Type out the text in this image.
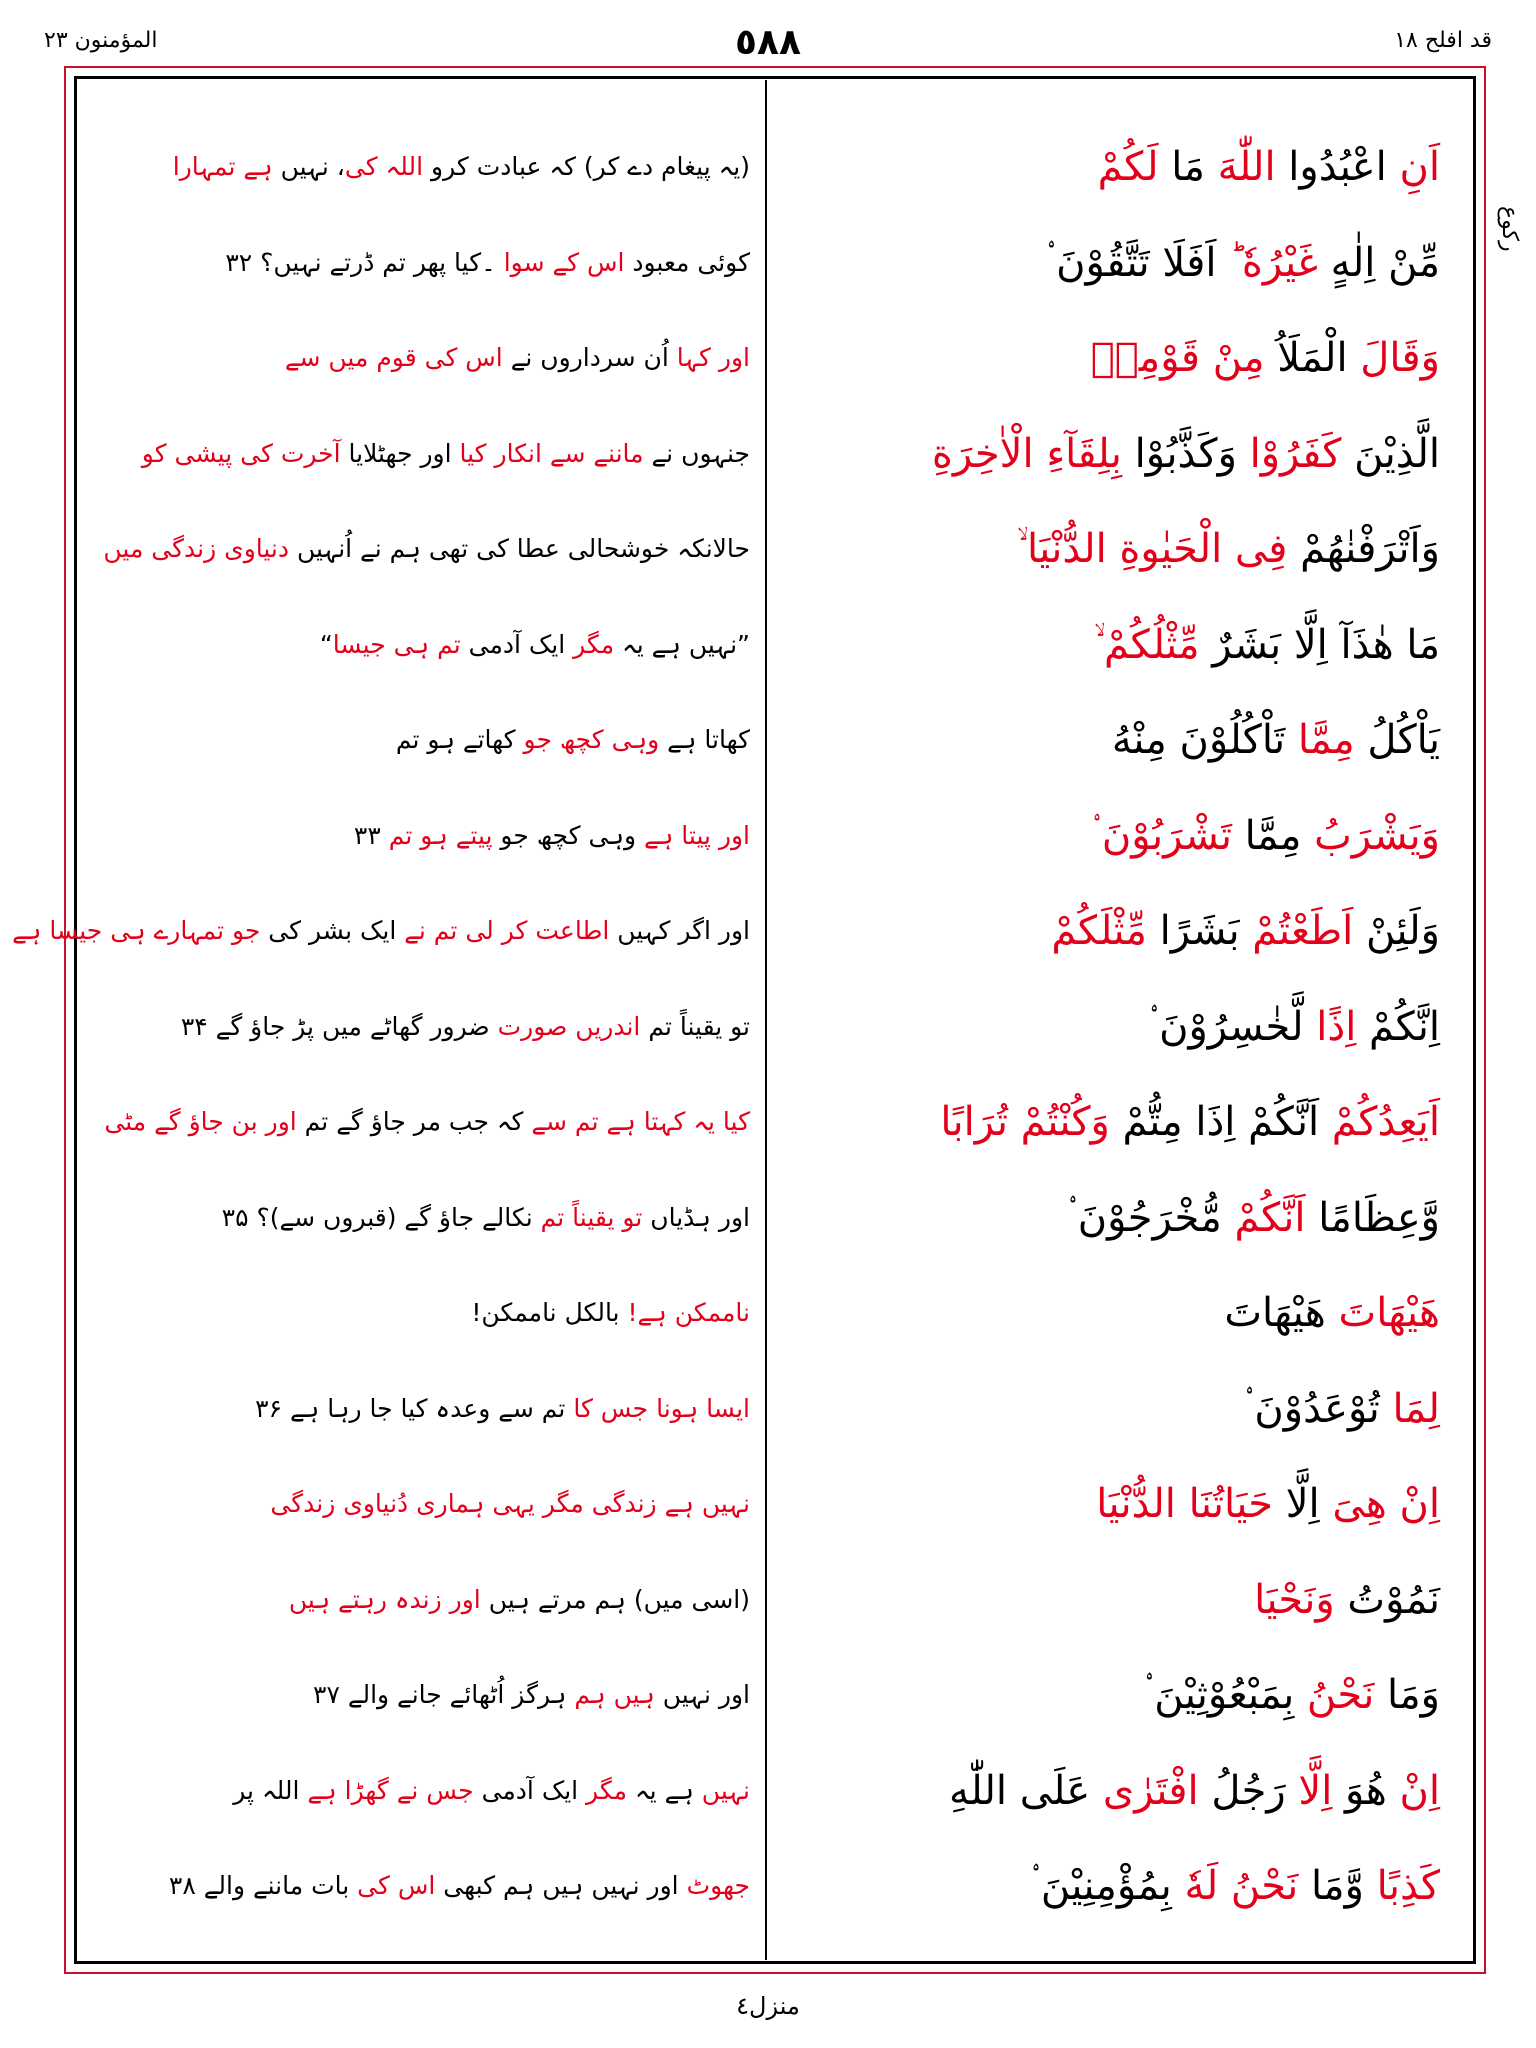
المؤمنون ٢٣	٥٨٨	قد افلح ١٨
ركوع
اَنِ اعْبُدُوا اللّٰهَ مَا لَكُمْ
مِّنْ اِلٰهٍ غَيْرُهٗ ؕ اَفَلَا تَتَّقُوْنَ ۟
وَقَالَ الْمَلَاُ مِنْ قَوْمِهٖ
الَّذِيْنَ كَفَرُوْا وَكَذَّبُوْا بِلِقَآءِ الْاٰخِرَةِ
وَاَتْرَفْنٰهُمْ فِى الْحَيٰوةِ الدُّنْيَا
مَا هٰذَآ اِلَّا بَشَرٌ مِّثْلُكُمْ
يَاْكُلُ مِمَّا تَاْكُلُوْنَ مِنْهُ
وَيَشْرَبُ مِمَّا تَشْرَبُوْنَ
وَلَئِنْ اَطَعْتُمْ بَشَرًا مِّثْلَكُمْ
اِنَّكُمْ اِذًا لَّخٰسِرُوْنَ ۟
اَيَعِدُكُمْ اَنَّكُمْ اِذَا مِتُّمْ وَكُنْتُمْ تُرَابًا
وَّعِظَامًا اَنَّكُمْ مُّخْرَجُوْنَ ۟
هَيْهَاتَ هَيْهَاتَ
لِمَا تُوْعَدُوْنَ ۟
اِنْ هِىَ اِلَّا حَيَاتُنَا الدُّنْيَا
نَمُوْتُ وَنَحْيَا
وَمَا نَحْنُ بِمَبْعُوْثِيْنَ ۟
اِنْ هُوَ اِلَّا رَجُلُ افْتَرٰى عَلَى اللّٰهِ
كَذِبًا وَّمَا نَحْنُ لَهٗ بِمُؤْمِنِيْنَ ۟
(یہ پیغام دے کر) کہ عبادت کرو اللہ کی، نہیں ہے تمہارا
کوئی معبود اس کے سوا ۔کیا پھر تم ڈرتے نہیں؟ ۳۲
اور کہا اُن سرداروں نے اس کی قوم میں سے
جنہوں نے ماننے سے انکار کیا اور جھٹلایا آخرت کی پیشی کو
حالانکہ خوشحالی عطا کی تھی ہم نے اُنہیں دنیاوی زندگی میں
”نہیں ہے یہ مگر ایک آدمی تم ہی جیسا“
کھاتا ہے وہی کچھ جو کھاتے ہو تم
اور پیتا ہے وہی کچھ جو پیتے ہو تم ۳۳
اور اگر کہیں اطاعت کر لی تم نے ایک بشر کی جو تمہارے ہی جیسا ہے
تو یقیناً تم اندریں صورت ضرور گھاٹے میں پڑ جاؤ گے ۳۴
کیا یہ کہتا ہے تم سے کہ جب مر جاؤ گے تم اور بن جاؤ گے مٹی
اور ہڈیاں تو یقیناً تم نکالے جاؤ گے (قبروں سے)؟ ۳۵
ناممکن ہے! بالکل ناممکن!
ایسا ہونا جس کا تم سے وعدہ کیا جا رہا ہے ۳۶
نہیں ہے زندگی مگر یہی ہماری دُنیاوی زندگی
(اسی میں) ہم مرتے ہیں اور زندہ رہتے ہیں
اور نہیں ہیں ہم ہرگز اُٹھائے جانے والے ۳۷
نہیں ہے یہ مگر ایک آدمی جس نے گھڑا ہے اللہ پر
جھوٹ اور نہیں ہیں ہم کبھی اس کی بات ماننے والے ۳۸
منزل٤
